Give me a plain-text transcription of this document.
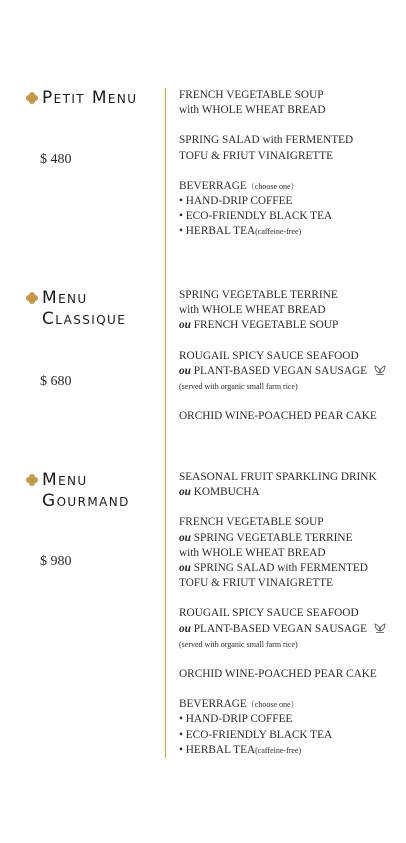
Petit Menu
$ 480
FRENCH VEGETABLE SOUP
with WHOLE WHEAT BREAD
SPRING SALAD with FERMENTED
TOFU & FRIUT VINAIGRETTE
BEVERRAGE（choose one）
• HAND-DRIP COFFEE
• ECO-FRIENDLY BLACK TEA
• HERBAL TEA(caffeine-free)
Menu
Classique
$ 680
SPRING VEGETABLE TERRINE
with WHOLE WHEAT BREAD
ou FRENCH VEGETABLE SOUP
ROUGAIL SPICY SAUCE SEAFOOD
ou PLANT-BASED VEGAN SAUSAGE
(served with organic small farm rice)
ORCHID WINE-POACHED PEAR CAKE
Menu
Gourmand
$ 980
SEASONAL FRUIT SPARKLING DRINK
ou KOMBUCHA
FRENCH VEGETABLE SOUP
ou SPRING VEGETABLE TERRINE
with WHOLE WHEAT BREAD
ou SPRING SALAD with FERMENTED
TOFU & FRIUT VINAIGRETTE
ROUGAIL SPICY SAUCE SEAFOOD
ou PLANT-BASED VEGAN SAUSAGE
(served with organic small farm rice)
ORCHID WINE-POACHED PEAR CAKE
BEVERRAGE（choose one）
• HAND-DRIP COFFEE
• ECO-FRIENDLY BLACK TEA
• HERBAL TEA(caffeine-free)
